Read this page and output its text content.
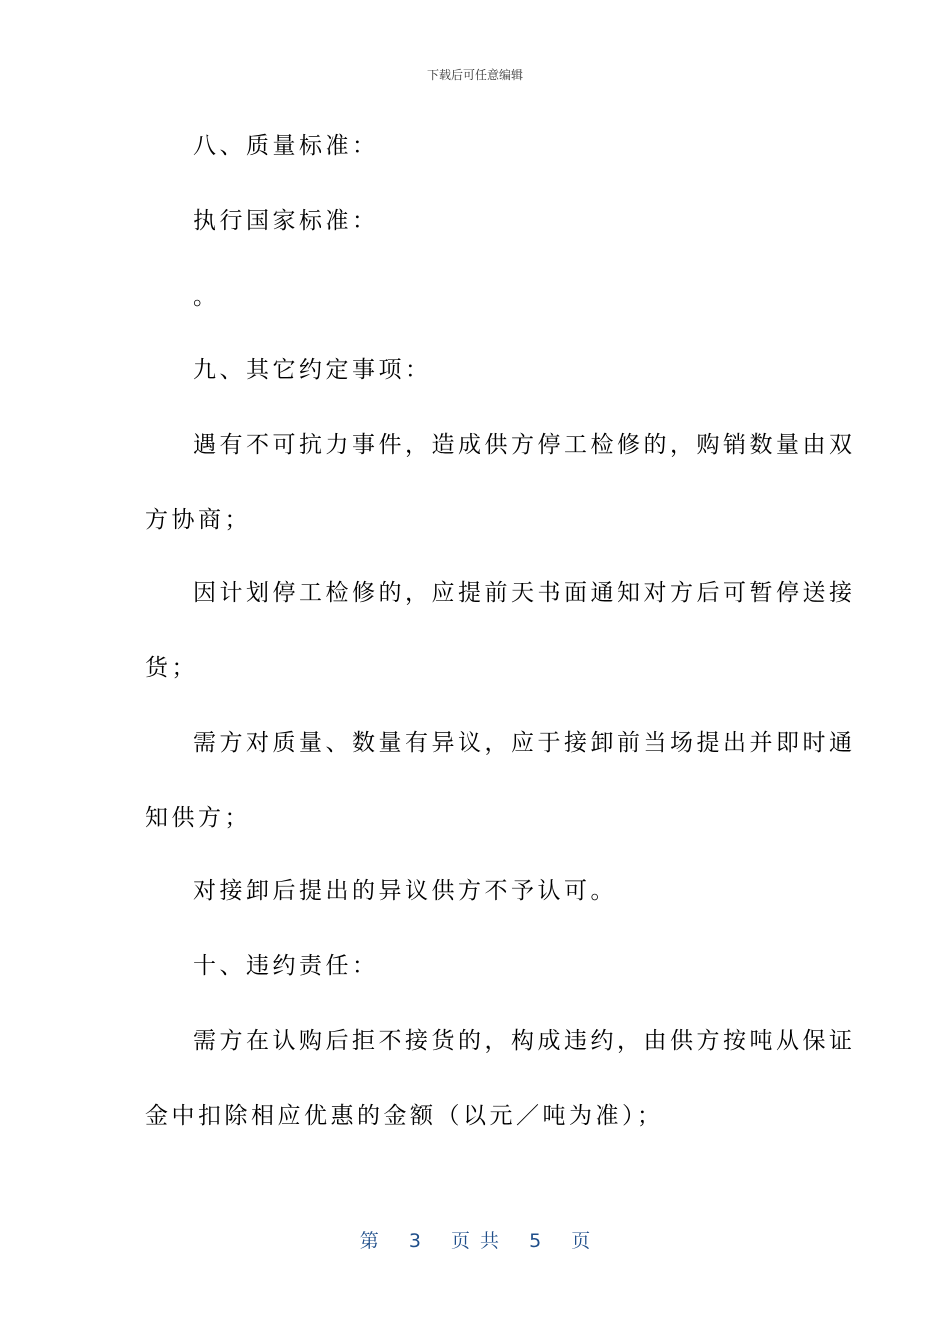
下载后可任意编辑
八、质量标准：
执行国家标准：
。
九、其它约定事项：
遇有不可抗力事件，造成供方停工检修的，购销数量由双
方协商；
因计划停工检修的，应提前天书面通知对方后可暂停送接
货；
需方对质量、数量有异议，应于接卸前当场提出并即时通
知供方；
对接卸后提出的异议供方不予认可。
十、违约责任：
需方在认购后拒不接货的，构成违约，由供方按吨从保证
金中扣除相应优惠的金额（以元／吨为准）；
第 3 页 共 5 页
